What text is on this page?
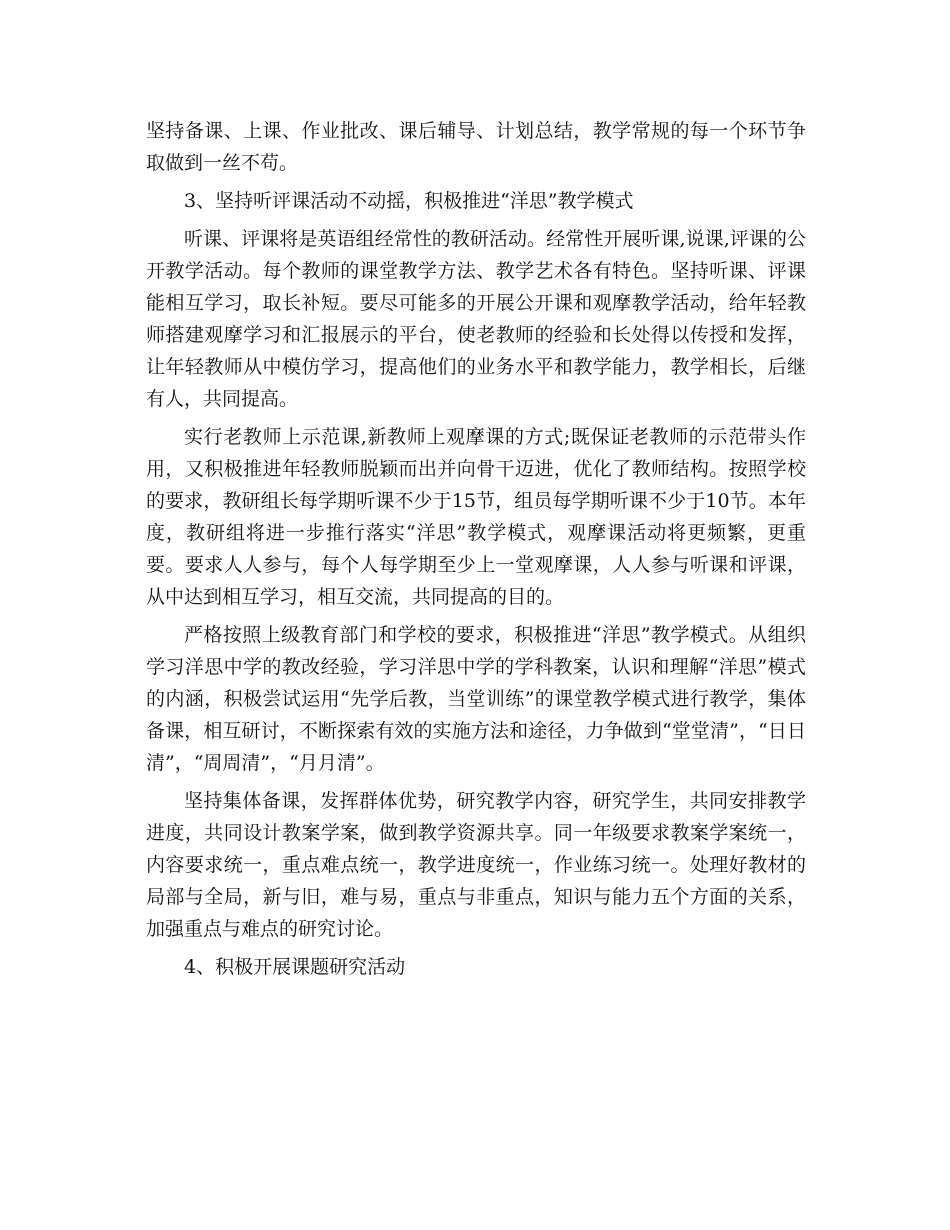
坚持备课、上课、作业批改、课后辅导、计划总结，教学常规的每一个环节争取做到一丝不苟。

3、坚持听评课活动不动摇，积极推进“洋思”教学模式

听课、评课将是英语组经常性的教研活动。经常性开展听课,说课,评课的公开教学活动。每个教师的课堂教学方法、教学艺术各有特色。坚持听课、评课能相互学习，取长补短。要尽可能多的开展公开课和观摩教学活动，给年轻教师搭建观摩学习和汇报展示的平台，使老教师的经验和长处得以传授和发挥，让年轻教师从中模仿学习，提高他们的业务水平和教学能力，教学相长，后继有人，共同提高。

实行老教师上示范课,新教师上观摩课的方式;既保证老教师的示范带头作用，又积极推进年轻教师脱颖而出并向骨干迈进，优化了教师结构。按照学校的要求，教研组长每学期听课不少于15节，组员每学期听课不少于10节。本年度，教研组将进一步推行落实“洋思”教学模式，观摩课活动将更频繁，更重要。要求人人参与，每个人每学期至少上一堂观摩课，人人参与听课和评课，从中达到相互学习，相互交流，共同提高的目的。

严格按照上级教育部门和学校的要求，积极推进“洋思”教学模式。从组织学习洋思中学的教改经验，学习洋思中学的学科教案，认识和理解“洋思”模式的内涵，积极尝试运用“先学后教，当堂训练”的课堂教学模式进行教学，集体备课，相互研讨，不断探索有效的实施方法和途径，力争做到“堂堂清”，“日日清”，“周周清”，“月月清”。

坚持集体备课，发挥群体优势，研究教学内容，研究学生，共同安排教学进度，共同设计教案学案，做到教学资源共享。同一年级要求教案学案统一，内容要求统一，重点难点统一，教学进度统一，作业练习统一。处理好教材的局部与全局，新与旧，难与易，重点与非重点，知识与能力五个方面的关系，加强重点与难点的研究讨论。

4、积极开展课题研究活动
